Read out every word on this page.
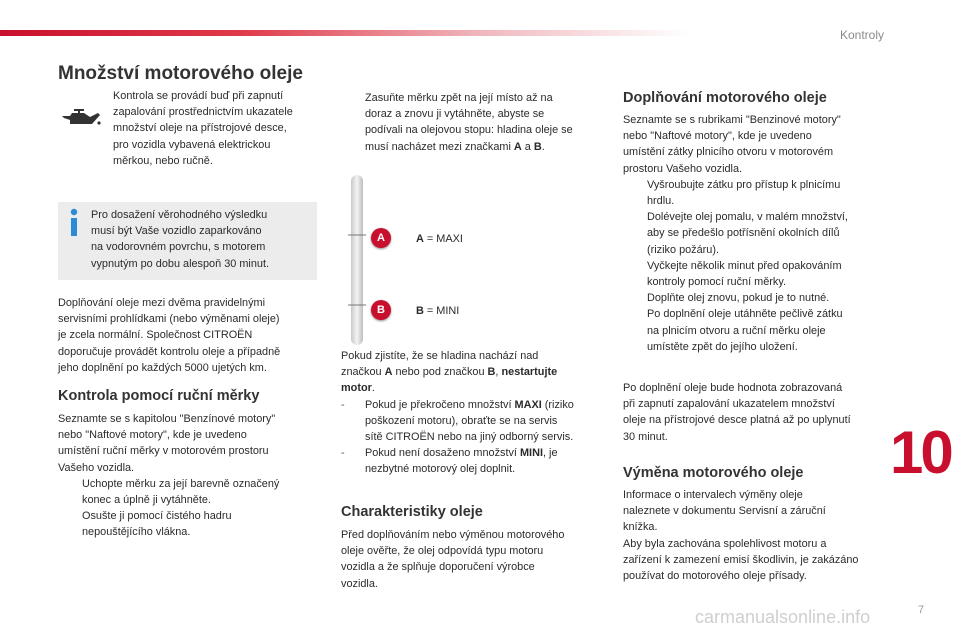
Kontroly
Množství motorového oleje

Kontrola se provádí buď při zapnutí

zapalování prostřednictvím ukazatele

množství oleje na přístrojové desce,

pro vozidla vybavená elektrickou

měrkou, nebo ručně.

Pro dosažení věrohodného výsledku

musí být Vaše vozidlo zaparkováno

na vodorovném povrchu, s motorem

vypnutým po dobu alespoň 30 minut.

Doplňování oleje mezi dvěma pravidelnými

servisními prohlídkami (nebo výměnami oleje)

je zcela normální. Společnost CITROËN

doporučuje provádět kontrolu oleje a případně

jeho doplnění po každých 5000 ujetých km.

Kontrola pomocí ruční měrky

Seznamte se s kapitolou "Benzínové motory"

nebo "Naftové motory", kde je uvedeno

umístění ruční měrky v motorovém prostoru

Vašeho vozidla.

Uchopte měrku za její barevně označený
konec a úplně ji vytáhněte.
Osušte ji pomocí čistého hadru
nepouštějícího vlákna.
Zasuňte měrku zpět na její místo až na
doraz a znovu ji vytáhněte, abyste se
podívali na olejovou stopu: hladina oleje se
musí nacházet mezi značkami A a B.
A
B
A = MAXI
B = MINI

Pokud zjistíte, že se hladina nachází nad

značkou A nebo pod značkou B, nestartujte

motor.

-	Pokud je překročeno množství MAXI (riziko
poškození motoru), obraťte se na servis
sítě CITROËN nebo na jiný odborný servis.
-	Pokud není dosaženo množství MINI, je
nezbytné motorový olej doplnit.
Charakteristiky oleje

Před doplňováním nebo výměnou motorového

oleje ověřte, že olej odpovídá typu motoru

vozidla a že splňuje doporučení výrobce

vozidla.

Doplňování motorového oleje

Seznamte se s rubrikami "Benzinové motory"

nebo "Naftové motory", kde je uvedeno

umístění zátky plnicího otvoru v motorovém

prostoru Vašeho vozidla.

Vyšroubujte zátku pro přístup k plnicímu
hrdlu.
Dolévejte olej pomalu, v malém množství,
aby se předešlo potřísnění okolních dílů
(riziko požáru).
Vyčkejte několik minut před opakováním
kontroly pomocí ruční měrky.
Doplňte olej znovu, pokud je to nutné.
Po doplnění oleje utáhněte pečlivě zátku
na plnicím otvoru a ruční měrku oleje
umístěte zpět do jejího uložení.

Po doplnění oleje bude hodnota zobrazovaná

při zapnutí zapalování ukazatelem množství

oleje na přístrojové desce platná až po uplynutí

30 minut.

Výměna motorového oleje

Informace o intervalech výměny oleje

naleznete v dokumentu Servisní a záruční

knížka.

Aby byla zachována spolehlivost motoru a

zařízení k zamezení emisí škodlivin, je zakázáno

používat do motorového oleje přísady.

10
carmanualsonline.info	7
